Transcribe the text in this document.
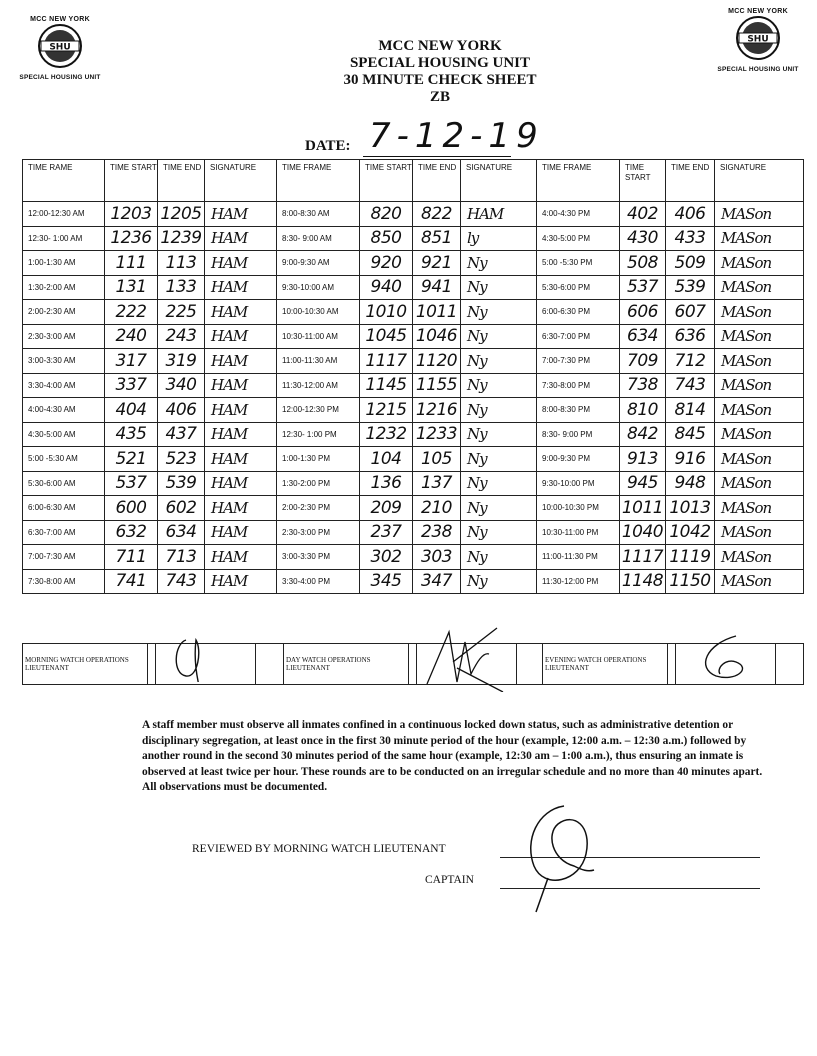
MCC NEW YORK
SHU
SPECIAL HOUSING UNIT
MCC NEW YORK
SHU
SPECIAL HOUSING UNIT
MCC NEW YORK
SPECIAL HOUSING UNIT
30 MINUTE CHECK SHEET
ZB
DATE: 7-12-19
TIME RAME	TIME START	TIME END	SIGNATURE	TIME FRAME	TIME START	TIME END	SIGNATURE	TIME FRAME	TIME START	TIME END	SIGNATURE
12:00-12:30 AM	1203	1205	HAM	8:00-8:30 AM	820	822	HAM	4:00-4:30 PM	402	406	MASon
12:30- 1:00 AM	1236	1239	HAM	8:30- 9:00 AM	850	851	ly	4:30-5:00 PM	430	433	MASon
1:00-1:30 AM	111	113	HAM	9:00-9:30 AM	920	921	Ny	5:00 -5:30 PM	508	509	MASon
1:30-2:00 AM	131	133	HAM	9:30-10:00 AM	940	941	Ny	5:30-6:00 PM	537	539	MASon
2:00-2:30 AM	222	225	HAM	10:00-10:30 AM	1010	1011	Ny	6:00-6:30 PM	606	607	MASon
2:30-3:00 AM	240	243	HAM	10:30-11:00 AM	1045	1046	Ny	6:30-7:00 PM	634	636	MASon
3:00-3:30 AM	317	319	HAM	11:00-11:30 AM	1117	1120	Ny	7:00-7:30 PM	709	712	MASon
3:30-4:00 AM	337	340	HAM	11:30-12:00 AM	1145	1155	Ny	7:30-8:00 PM	738	743	MASon
4:00-4:30 AM	404	406	HAM	12:00-12:30 PM	1215	1216	Ny	8:00-8:30 PM	810	814	MASon
4:30-5:00 AM	435	437	HAM	12:30- 1:00 PM	1232	1233	Ny	8:30- 9:00 PM	842	845	MASon
5:00 -5:30 AM	521	523	HAM	1:00-1:30 PM	104	105	Ny	9:00-9:30 PM	913	916	MASon
5:30-6:00 AM	537	539	HAM	1:30-2:00 PM	136	137	Ny	9:30-10:00 PM	945	948	MASon
6:00-6:30 AM	600	602	HAM	2:00-2:30 PM	209	210	Ny	10:00-10:30 PM	1011	1013	MASon
6:30-7:00 AM	632	634	HAM	2:30-3:00 PM	237	238	Ny	10:30-11:00 PM	1040	1042	MASon
7:00-7:30 AM	711	713	HAM	3:00-3:30 PM	302	303	Ny	11:00-11:30 PM	1117	1119	MASon
7:30-8:00 AM	741	743	HAM	3:30-4:00 PM	345	347	Ny	11:30-12:00 PM	1148	1150	MASon
MORNING WATCH OPERATIONS LIEUTENANT		
		DAY WATCH OPERATIONS LIEUTENANT		
		EVENING WATCH OPERATIONS LIEUTENANT		

A staff member must observe all inmates confined in a continuous locked down status, such as administrative detention or disciplinary segregation, at least once in the first 30 minute period of the hour (example, 12:00 a.m. – 12:30 a.m.) followed by another round in the second 30 minutes period of the same hour (example, 12:30 am – 1:00 a.m.), thus ensuring an inmate is observed at least twice per hour. These rounds are to be conducted on an irregular schedule and no more than 40 minutes apart. All observations must be documented.
REVIEWED BY MORNING WATCH LIEUTENANT
CAPTAIN
